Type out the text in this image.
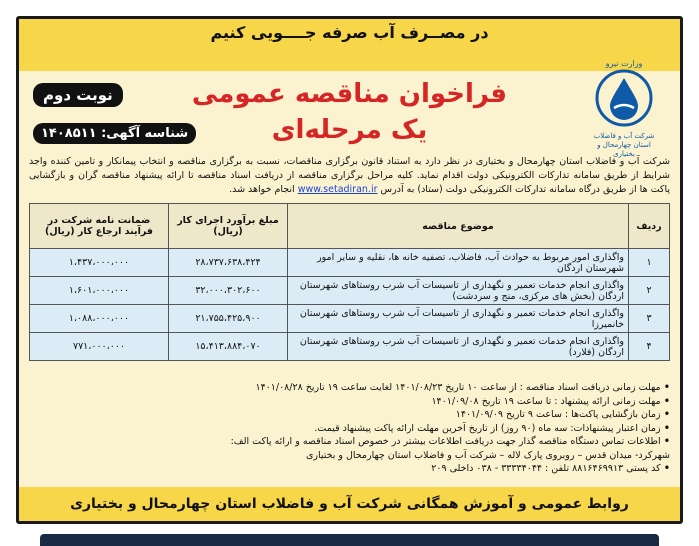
در مصــرف آب صرفه جــــویی کنیم
وزارت نیرو
شرکت آب و فاضلاب استان چهارمحال و بختیاری
فراخوان مناقصه عمومی
یک مرحله‌ای
نوبت دوم
شناسه آگهی: ۱۴۰۸۵۱۱
شرکت آب و فاضلاب استان چهارمحال و بختیاری در نظر دارد به استناد قانون برگزاری مناقصات، نسبت به برگزاری مناقصه و انتخاب پیمانکار و تامین کننده واجد شرایط از طریق سامانه تدارکات الکترونیکی دولت اقدام نماید. کلیه مراحل برگزاری مناقصه از دریافت اسناد مناقصه تا ارائه پیشنهاد مناقصه گران و بازگشایی پاکت ها از طریق درگاه سامانه تدارکات الکترونیکی دولت (ستاد) به آدرس www.setadiran.ir انجام خواهد شد.
ردیف	موضوع مناقصه	مبلغ برآورد اجرای کار (ریال)	ضمانت نامه شرکت در فرآیند ارجاع کار (ریال)
۱	واگذاری امور مربوط به حوادث آب، فاضلاب، تصفیه خانه ها، نقلیه و سایر امور شهرستان اردگان	۲۸،۷۳۷،۶۳۸،۴۲۴	۱،۴۳۷،۰۰۰،۰۰۰
۲	واگذاری انجام خدمات تعمیر و نگهداری از تاسیسات آب شرب روستاهای شهرستان اردگان (بخش های مرکزی، منج و سردشت)	۳۲،۰۰۰،۳۰۲،۶۰۰	۱،۶۰۱،۰۰۰،۰۰۰
۳	واگذاری انجام خدمات تعمیر و نگهداری از تاسیسات آب شرب روستاهای شهرستان خانمیرزا	۲۱،۷۵۵،۴۲۵،۹۰۰	۱،۰۸۸،۰۰۰،۰۰۰
۴	واگذاری انجام خدمات تعمیر و نگهداری از تاسیسات آب شرب روستاهای شهرستان اردگان (فلارد)	۱۵،۴۱۳،۸۸۴،۰۷۰	۷۷۱،۰۰۰،۰۰۰
• مهلت زمانی دریافت اسناد مناقصه : از ساعت ۱۰ تاریخ ۱۴۰۱/۰۸/۲۳ لغایت ساعت ۱۹ تاریخ ۱۴۰۱/۰۸/۲۸
• مهلت زمانی ارائه پیشنهاد : تا ساعت ۱۹ تاریخ ۱۴۰۱/۰۹/۰۸
• زمان بازگشایی پاکت‌ها : ساعت ۹ تاریخ ۱۴۰۱/۰۹/۰۹
• زمان اعتبار پیشنهادات: سه ماه (۹۰ روز) از تاریخ آخرین مهلت ارائه پاکت پیشنهاد قیمت.
• اطلاعات تماس دستگاه مناقصه گذار جهت دریافت اطلاعات بیشتر در خصوص اسناد مناقصه و ارائه پاکت الف:
شهرکرد- میدان قدس – روبروی پارک لاله – شرکت آب و فاضلاب استان چهارمحال و بختیاری
• کد پستی ۸۸۱۶۴۶۹۹۱۳ تلفن : ۳۳۳۳۴۰۴۴ - ۰۳۸ داخلی ۲۰۹
روابط عمومی و آموزش همگانی شرکت آب و فاضلاب استان چهارمحال و بختیاری
